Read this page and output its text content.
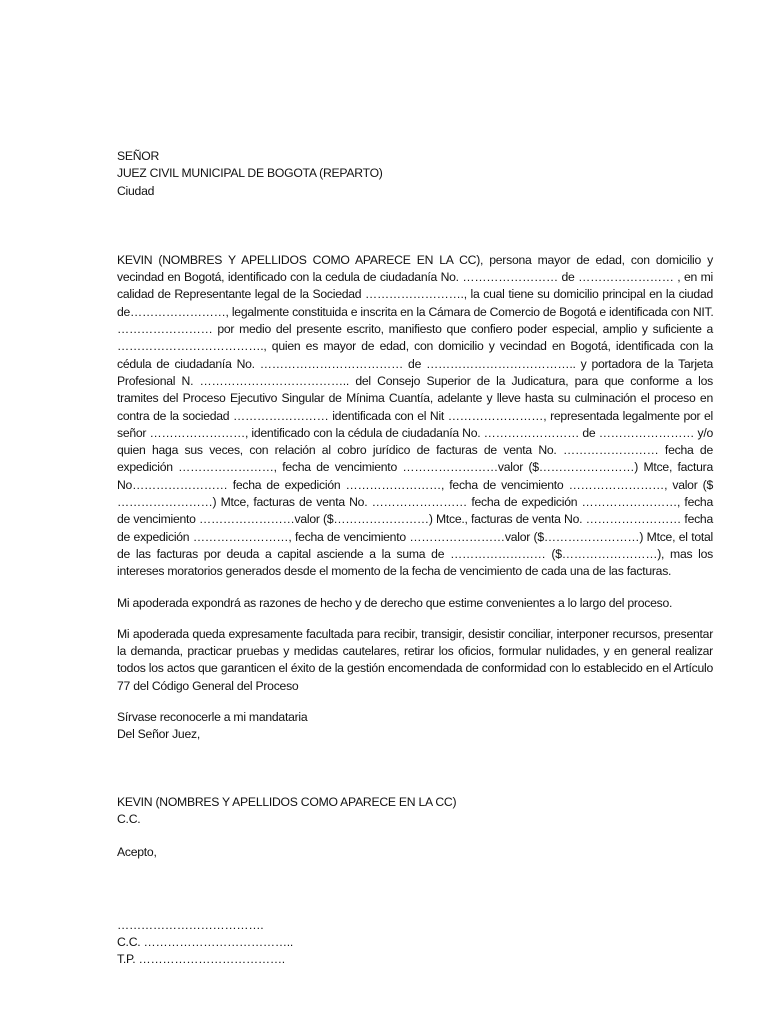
SEÑOR
JUEZ CIVIL MUNICIPAL DE BOGOTA (REPARTO)
Ciudad
KEVIN (NOMBRES Y APELLIDOS COMO APARECE EN LA CC), persona mayor de edad, con domicilio y
vecindad en Bogotá, identificado con la cedula de ciudadanía No. …………………… de …………………… , en mi
calidad de Representante legal de la Sociedad ……………………., la cual tiene su domicilio principal en la ciudad
de……………………, legalmente constituida e inscrita en la Cámara de Comercio de Bogotá e identificada con NIT.
…………………… por medio del presente escrito, manifiesto que confiero poder especial, amplio y suficiente a
………………………………., quien es mayor de edad, con domicilio y vecindad en Bogotá, identificada con la
cédula de ciudadanía No. ……………………………… de ……………………………….. y portadora de la Tarjeta
Profesional N. ……………………………….. del Consejo Superior de la Judicatura, para que conforme a los
tramites del Proceso Ejecutivo Singular de Mínima Cuantía, adelante y lleve hasta su culminación el proceso en
contra de la sociedad …………………… identificada con el Nit ……………………, representada legalmente por el
señor ……………………, identificado con la cédula de ciudadanía No. …………………… de …………………… y/o
quien haga sus veces, con relación al cobro jurídico de facturas de venta No. …………………… fecha de
expedición ……………………, fecha de vencimiento ……………………valor ($……………………) Mtce, factura
No…………………… fecha de expedición ……………………, fecha de vencimiento ……………………, valor ($
……………………) Mtce, facturas de venta No. …………………… fecha de expedición ……………………, fecha
de vencimiento ……………………valor ($……………………) Mtce., facturas de venta No. …………………… fecha
de expedición ……………………, fecha de vencimiento ……………………valor ($……………………) Mtce, el total
de las facturas por deuda a capital asciende a la suma de …………………… ($……………………), mas los
intereses moratorios generados desde el momento de la fecha de vencimiento de cada una de las facturas.
Mi apoderada expondrá as razones de hecho y de derecho que estime convenientes a lo largo del proceso.
Mi apoderada queda expresamente facultada para recibir, transigir, desistir conciliar, interponer recursos, presentar
la demanda, practicar pruebas y medidas cautelares, retirar los oficios, formular nulidades, y en general realizar
todos los actos que garanticen el éxito de la gestión encomendada de conformidad con lo establecido en el Artículo
77 del Código General del Proceso
Sírvase reconocerle a mi mandataria
Del Señor Juez,
KEVIN (NOMBRES Y APELLIDOS COMO APARECE EN LA CC)
C.C.
Acepto,
……………………………….
C.C. ………………………………..
T.P. ……………………………….
